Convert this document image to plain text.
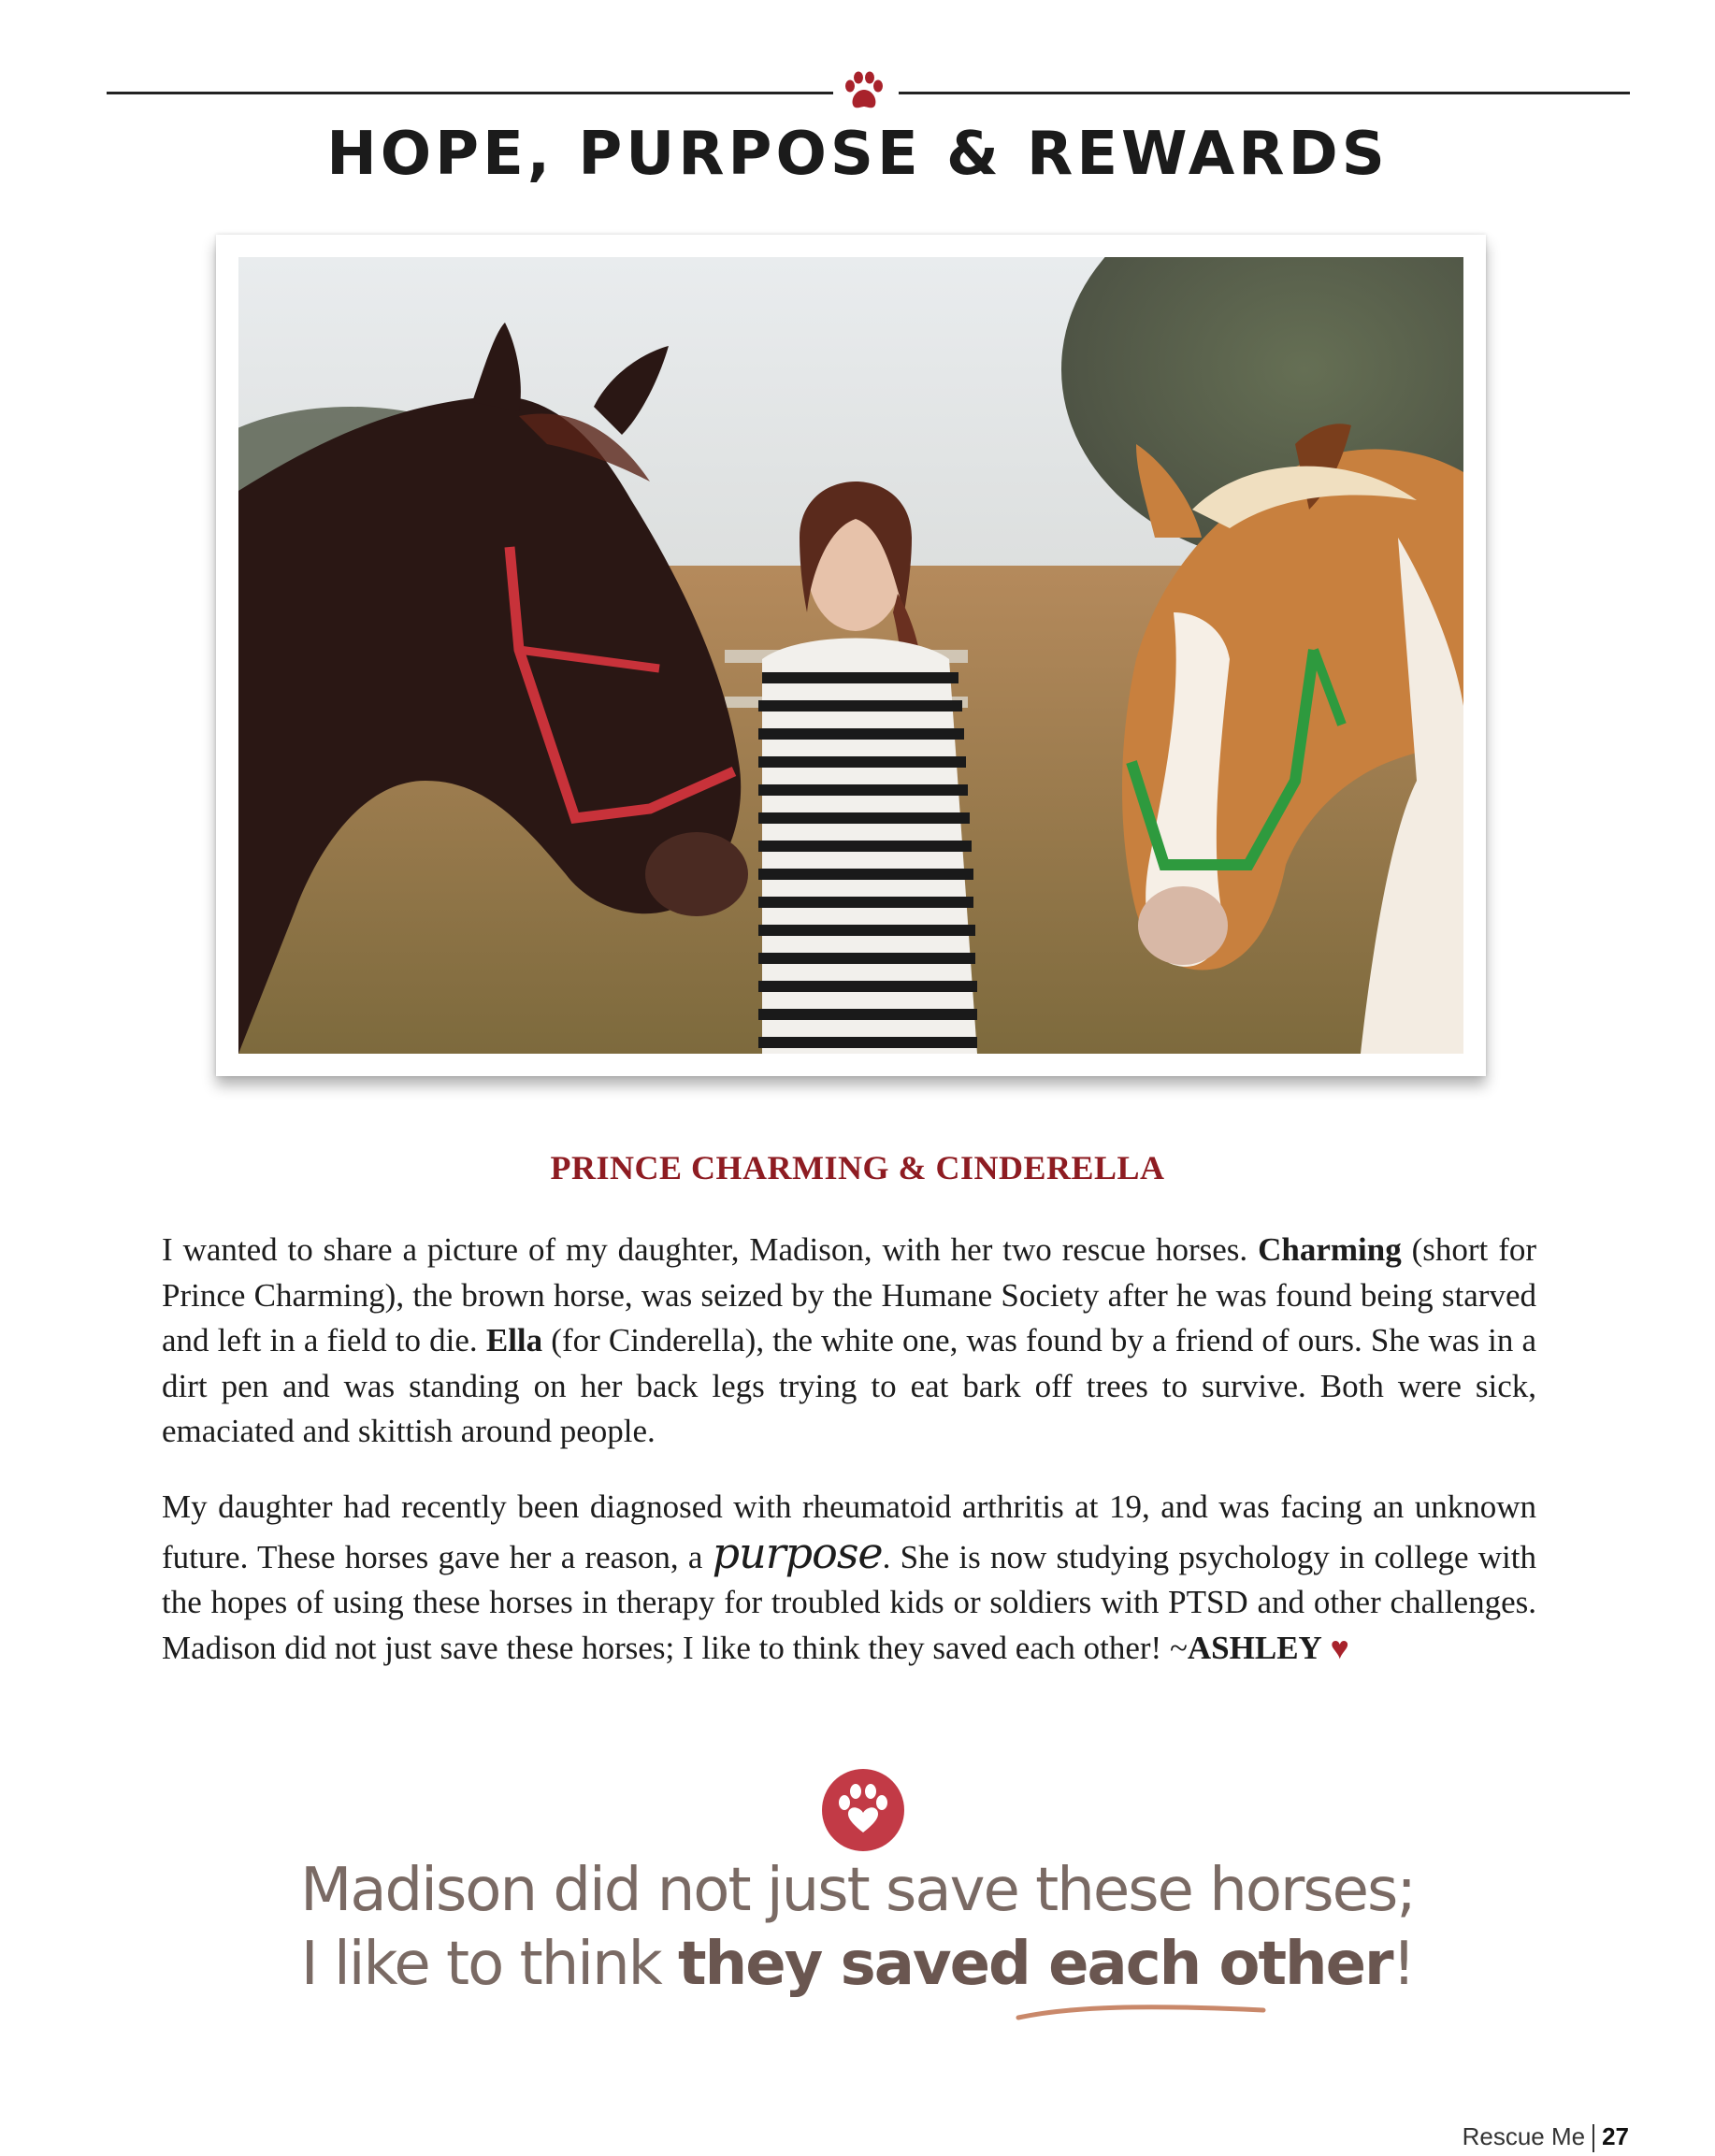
HOPE, PURPOSE & REWARDS
PRINCE CHARMING & CINDERELLA
I wanted to share a picture of my daughter, Madison, with her two rescue horses. Charming (short for Prince Charming), the brown horse, was seized by the Humane Society after he was found being starved and left in a field to die. Ella (for Cinderella), the white one, was found by a friend of ours. She was in a dirt pen and was standing on her back legs trying to eat bark off trees to survive. Both were sick, emaciated and skittish around people.
My daughter had recently been diagnosed with rheumatoid arthritis at 19, and was facing an unknown future. These horses gave her a reason, a purpose. She is now studying psychology in college with the hopes of using these horses in therapy for troubled kids or soldiers with PTSD and other challenges. Madison did not just save these horses; I like to think they saved each other! ~ASHLEY ♥
Madison did not just save these horses;
I like to think they saved each other!
Rescue Me 27
